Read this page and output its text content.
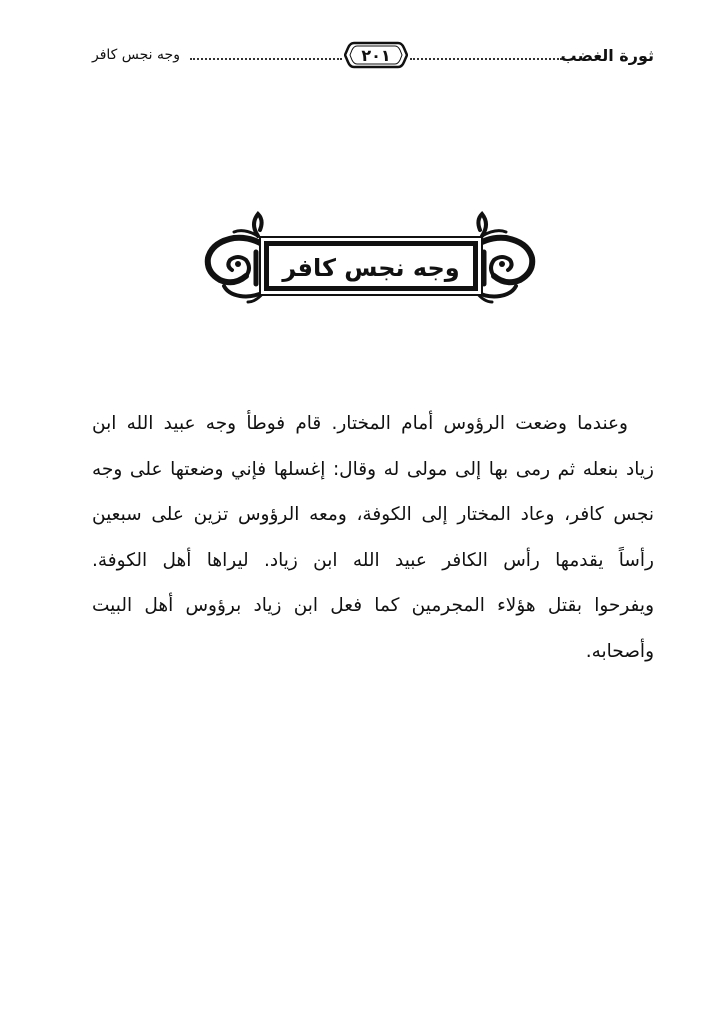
ثورة الغضب
٢٠١
وجه نجس كافر
وجه نجس كافر
وعندما وضعت الرؤوس أمام المختار. قام فوطأ وجه عبيد الله ابن
زياد بنعله ثم رمى بها إلى مولى له وقال: إغسلها فإني وضعتها على وجه
نجس كافر، وعاد المختار إلى الكوفة، ومعه الرؤوس تزين على سبعين
رأساً يقدمها رأس الكافر عبيد الله ابن زياد. ليراها أهل الكوفة.
ويفرحوا بقتل هؤلاء المجرمين كما فعل ابن زياد برؤوس أهل البيت
وأصحابه.
